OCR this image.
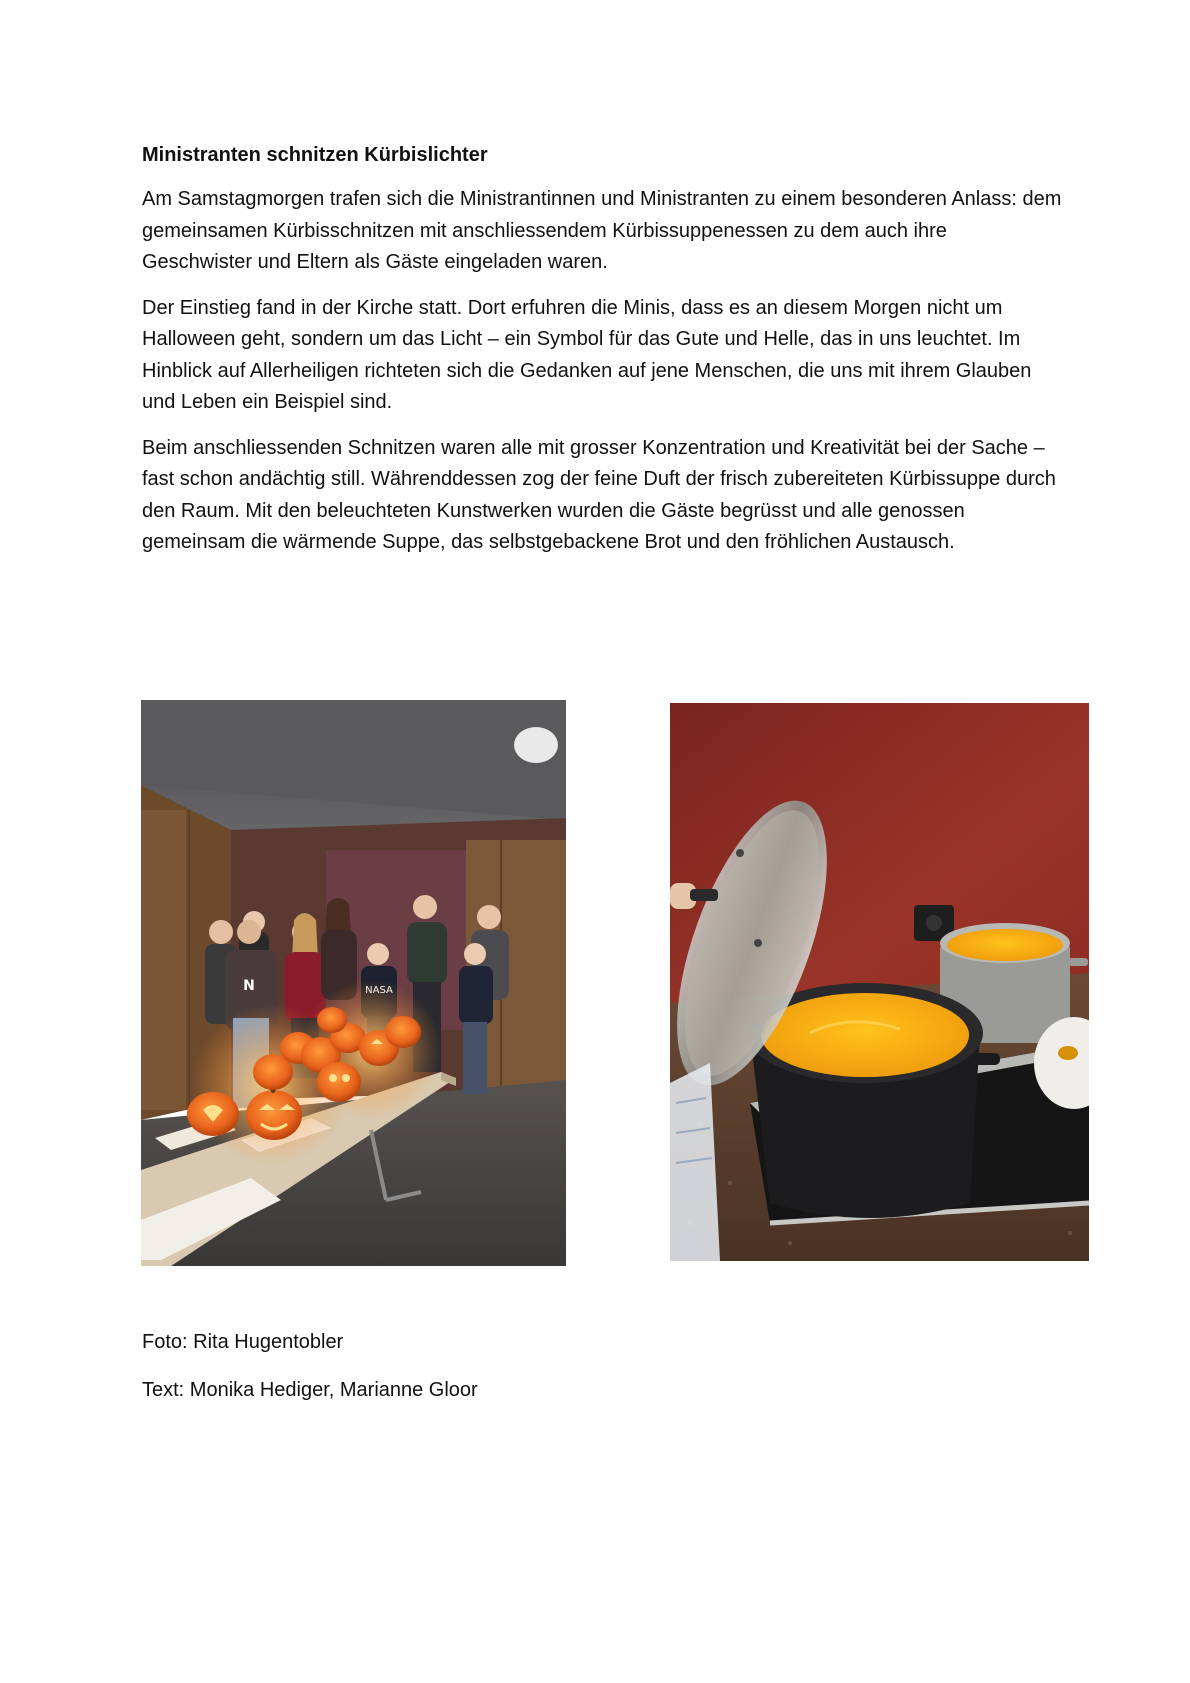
Ministranten schnitzen Kürbislichter

Am Samstagmorgen trafen sich die Ministrantinnen und Ministranten zu einem besonderen Anlass: dem gemeinsamen Kürbisschnitzen mit anschliessendem Kürbissuppenessen zu dem auch ihre Geschwister und Eltern als Gäste eingeladen waren.

Der Einstieg fand in der Kirche statt. Dort erfuhren die Minis, dass es an diesem Morgen nicht um Halloween geht, sondern um das Licht – ein Symbol für das Gute und Helle, das in uns leuchtet. Im Hinblick auf Allerheiligen richteten sich die Gedanken auf jene Menschen, die uns mit ihrem Glauben und Leben ein Beispiel sind.

Beim anschliessenden Schnitzen waren alle mit grosser Konzentration und Kreativität bei der Sache – fast schon andächtig still. Währenddessen zog der feine Duft der frisch zubereiteten Kürbissuppe durch den Raum. Mit den beleuchteten Kunstwerken wurden die Gäste begrüsst und alle genossen gemeinsam die wärmende Suppe, das selbstgebackene Brot und den fröhlichen Austausch.

N

Foto: Rita Hugentobler

Text: Monika Hediger, Marianne Gloor
